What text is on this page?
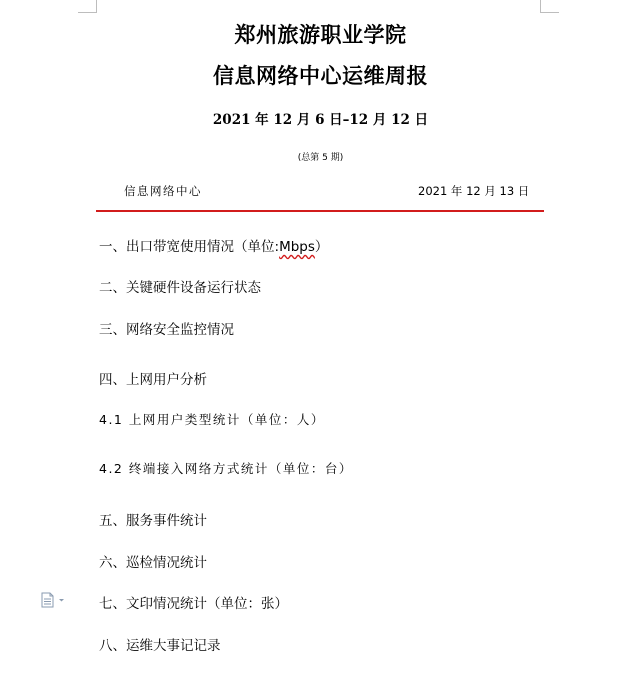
郑州旅游职业学院
信息网络中心运维周报
2021 年 12 月 6 日–12 月 12 日
(总第 5 期)
信息网络中心	2021 年 12 月 13 日
一、出口带宽使用情况（单位:Mbps）
二、关键硬件设备运行状态
三、网络安全监控情况
四、上网用户分析
4.1 上网用户类型统计（单位：人）
4.2 终端接入网络方式统计（单位：台）
五、服务事件统计
六、巡检情况统计
七、文印情况统计（单位：张）
八、运维大事记记录
